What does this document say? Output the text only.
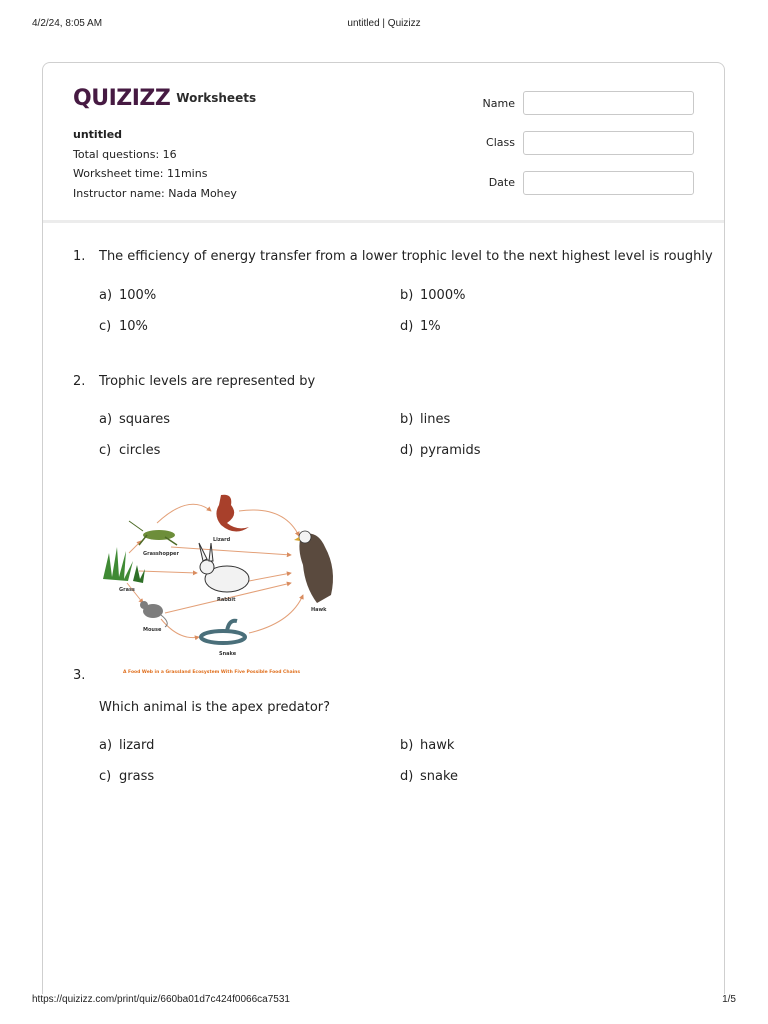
4/2/24, 8:05 AM	untitled | Quizizz
QUIZIZZ Worksheets
untitled
Total questions: 16
Worksheet time: 11mins
Instructor name: Nada Mohey
Name
Class
Date
1. The efficiency of energy transfer from a lower trophic level to the next highest level is roughly
a) 100%	b) 1000%
c) 10%	d) 1%
2. Trophic levels are represented by
a) squares	b) lines
c) circles	d) pyramids
Grasshopper
Lizard
Grass
Rabbit
Hawk
Mouse
Snake
A Food Web in a Grassland Ecosystem With Five Possible Food Chains
3.
Which animal is the apex predator?
a) lizard	b) hawk
c) grass	d) snake
https://quizizz.com/print/quiz/660ba01d7c424f0066ca7531	1/5
